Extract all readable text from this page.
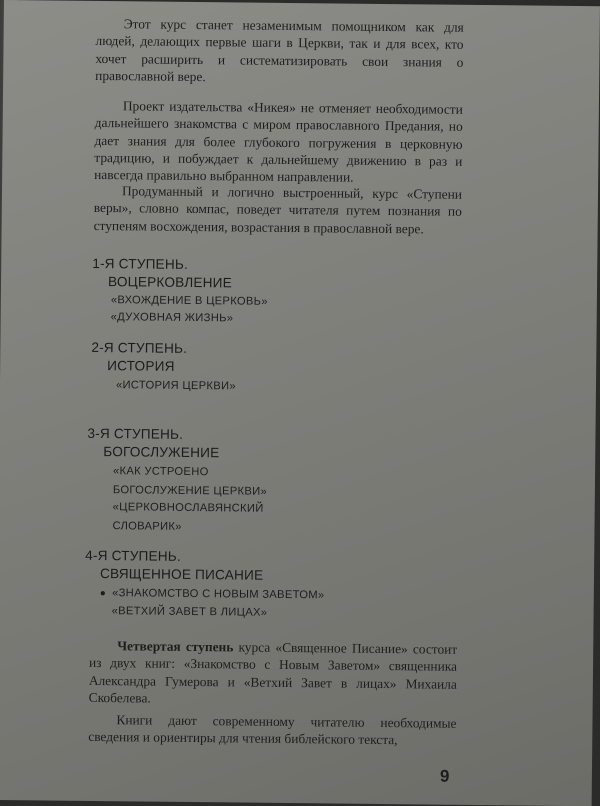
Этот курс станет незаменимым помощником как для людей, делающих первые шаги в Церкви, так и для всех, кто хочет расширить и систематизировать свои знания о православной вере.

Проект издательства «Никея» не отменяет необходимости дальнейшего знакомства с миром православного Предания, но дает знания для более глубокого погружения в церковную традицию, и побуждает к дальнейшему движению в раз и навсегда правильно выбранном направлении.

Продуманный и логично выстроенный, курс «Ступени веры», словно компас, поведет читателя путем познания по ступеням восхождения, возрастания в православной вере.

1-Я СТУПЕНЬ.
ВОЦЕРКОВЛЕНИЕ
«ВХОЖДЕНИЕ В ЦЕРКОВЬ»
«ДУХОВНАЯ ЖИЗНЬ»
2-Я СТУПЕНЬ.
ИСТОРИЯ
«ИСТОРИЯ ЦЕРКВИ»
3-Я СТУПЕНЬ.
БОГОСЛУЖЕНИЕ
«КАК УСТРОЕНО
БОГОСЛУЖЕНИЕ ЦЕРКВИ»
«ЦЕРКОВНОСЛАВЯНСКИЙ
СЛОВАРИК»
4-Я СТУПЕНЬ.
СВЯЩЕННОЕ ПИСАНИЕ
● «ЗНАКОМСТВО С НОВЫМ ЗАВЕТОМ»
«ВЕТХИЙ ЗАВЕТ В ЛИЦАХ»

Четвертая ступень курса «Священное Писание» состоит из двух книг: «Знакомство с Новым Заветом» священника Александра Гумерова и «Ветхий Завет в лицах» Михаила Скобелева.

Книги дают современному читателю необходимые сведения и ориентиры для чтения библейского текста,

9
